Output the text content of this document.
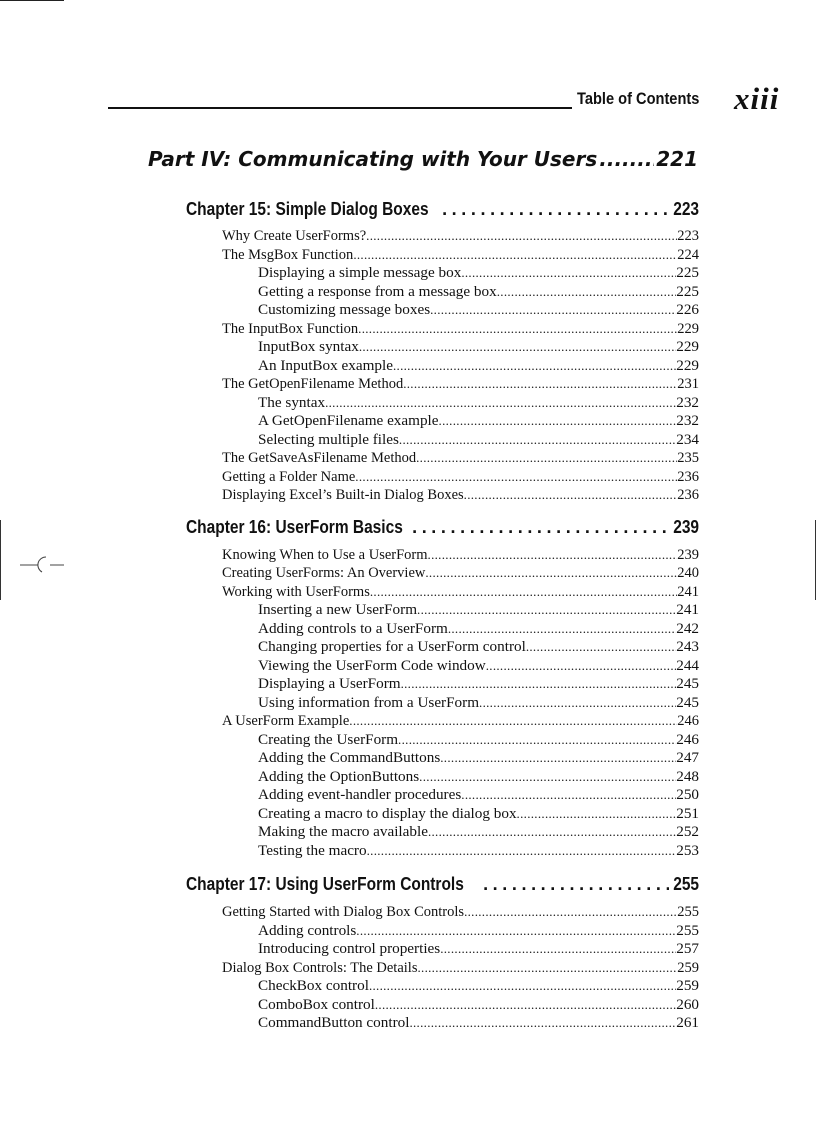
Table of Contents xiii
Part IV: Communicating with Your Users .....	221
Chapter 15: Simple Dialog Boxes .....	223
Why Create UserForms? .....	223
The MsgBox Function .....	224
Displaying a simple message box .....	225
Getting a response from a message box .....	225
Customizing message boxes .....	226
The InputBox Function .....	229
InputBox syntax .....	229
An InputBox example .....	229
The GetOpenFilename Method .....	231
The syntax .....	232
A GetOpenFilename example .....	232
Selecting multiple files .....	234
The GetSaveAsFilename Method .....	235
Getting a Folder Name .....	236
Displaying Excel’s Built-in Dialog Boxes .....	236
Chapter 16: UserForm Basics .....	239
Knowing When to Use a UserForm .....	239
Creating UserForms: An Overview .....	240
Working with UserForms .....	241
Inserting a new UserForm .....	241
Adding controls to a UserForm .....	242
Changing properties for a UserForm control .....	243
Viewing the UserForm Code window .....	244
Displaying a UserForm .....	245
Using information from a UserForm .....	245
A UserForm Example .....	246
Creating the UserForm .....	246
Adding the CommandButtons .....	247
Adding the OptionButtons .....	248
Adding event-handler procedures .....	250
Creating a macro to display the dialog box .....	251
Making the macro available .....	252
Testing the macro .....	253
Chapter 17: Using UserForm Controls .....	255
Getting Started with Dialog Box Controls .....	255
Adding controls .....	255
Introducing control properties .....	257
Dialog Box Controls: The Details .....	259
CheckBox control .....	259
ComboBox control .....	260
CommandButton control .....	261
